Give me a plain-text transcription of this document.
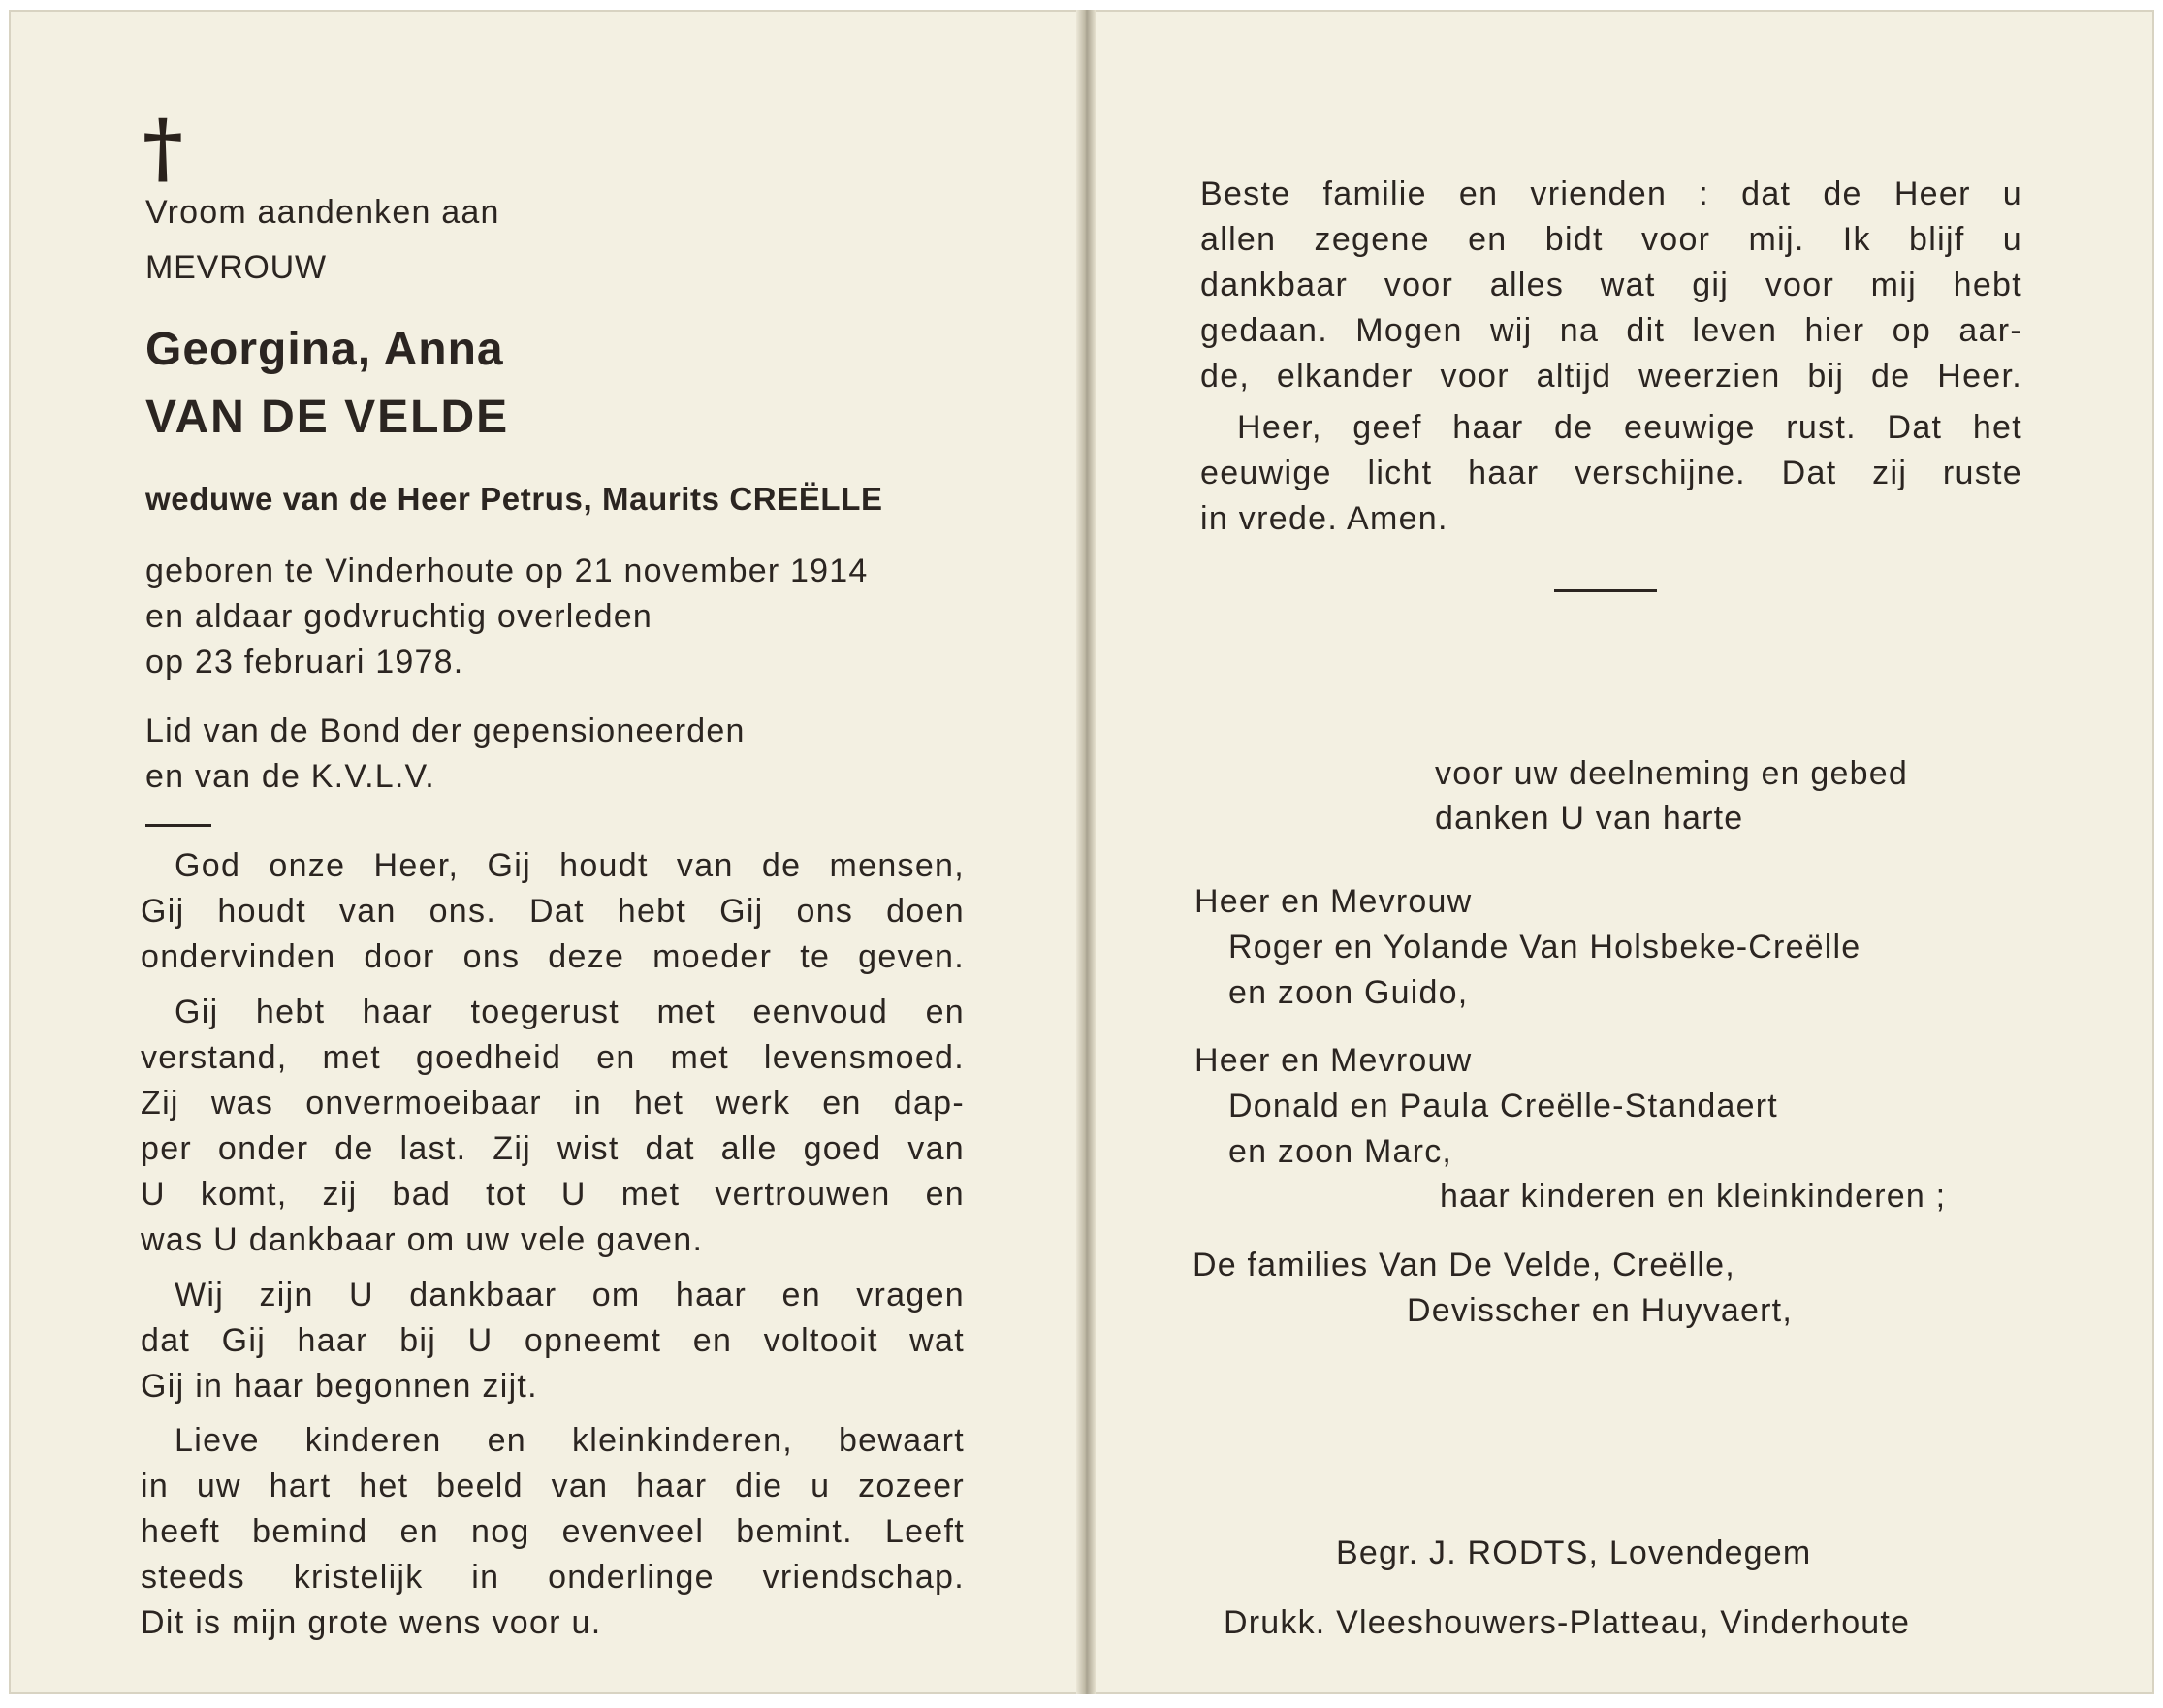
†
Vroom aandenken aan
MEVROUW
Georgina, Anna
VAN DE VELDE
weduwe van de Heer Petrus, Maurits CREËLLE
geboren te Vinderhoute op 21 november 1914
en aldaar godvruchtig overleden
op 23 februari 1978.
Lid van de Bond der gepensioneerden
en van de K.V.L.V.
God onze Heer, Gij houdt van de mensen,
Gij houdt van ons. Dat hebt Gij ons doen
ondervinden door ons deze moeder te geven.
Gij hebt haar toegerust met eenvoud en
verstand, met goedheid en met levensmoed.
Zij was onvermoeibaar in het werk en dap-
per onder de last. Zij wist dat alle goed van
U komt, zij bad tot U met vertrouwen en
was U dankbaar om uw vele gaven.
Wij zijn U dankbaar om haar en vragen
dat Gij haar bij U opneemt en voltooit wat
Gij in haar begonnen zijt.
Lieve kinderen en kleinkinderen, bewaart
in uw hart het beeld van haar die u zozeer
heeft bemind en nog evenveel bemint. Leeft
steeds kristelijk in onderlinge vriendschap.
Dit is mijn grote wens voor u.
Beste familie en vrienden : dat de Heer u
allen zegene en bidt voor mij. Ik blijf u
dankbaar voor alles wat gij voor mij hebt
gedaan. Mogen wij na dit leven hier op aar-
de, elkander voor altijd weerzien bij de Heer.
Heer, geef haar de eeuwige rust. Dat het
eeuwige licht haar verschijne. Dat zij ruste
in vrede. Amen.
voor uw deelneming en gebed
danken U van harte
Heer en Mevrouw
Roger en Yolande Van Holsbeke-Creëlle
en zoon Guido,
Heer en Mevrouw
Donald en Paula Creëlle-Standaert
en zoon Marc,
haar kinderen en kleinkinderen ;
De families Van De Velde, Creëlle,
Devisscher en Huyvaert,
Begr. J. RODTS, Lovendegem
Drukk. Vleeshouwers-Platteau, Vinderhoute
